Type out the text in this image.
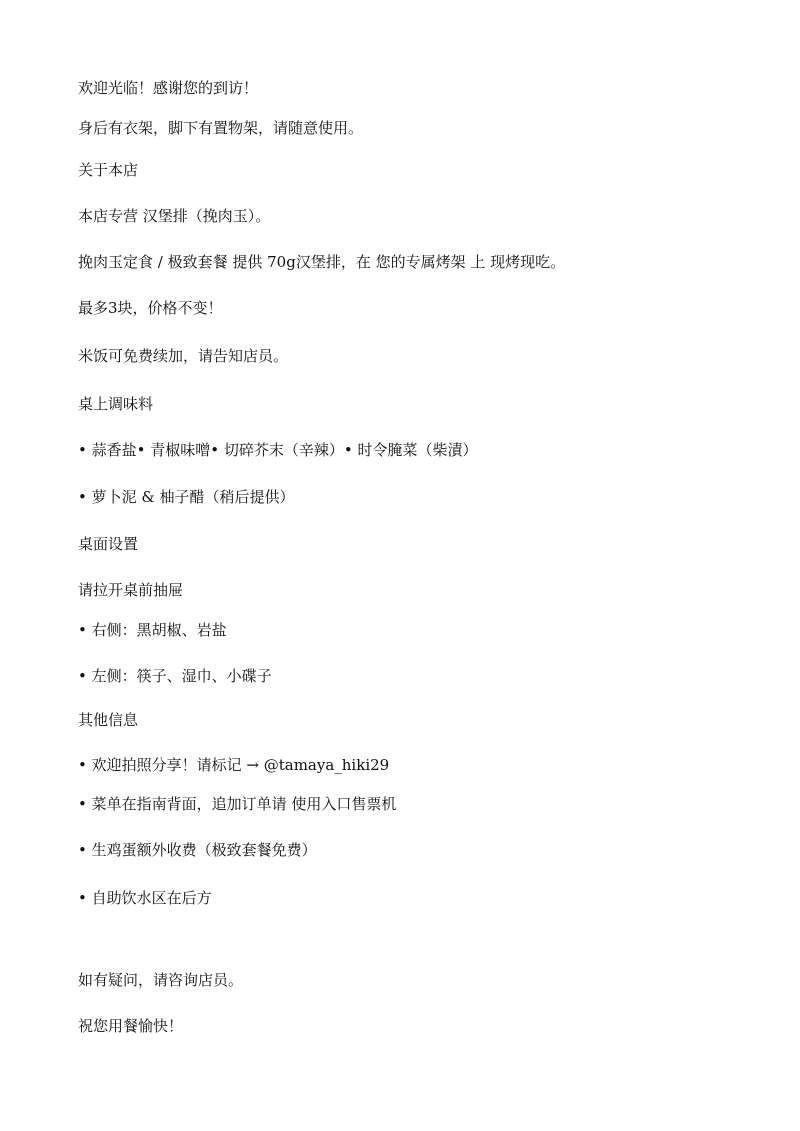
欢迎光临！感谢您的到访！
身后有衣架，脚下有置物架，请随意使用。
关于本店
本店专营 汉堡排（挽肉玉）。
挽肉玉定食 / 极致套餐 提供 70g汉堡排，在 您的专属烤架 上 现烤现吃。
最多3块，价格不变！
米饭可免费续加，请告知店员。
桌上调味料
• 蒜香盐• 青椒味噌• 切碎芥末（辛辣）• 时令腌菜（柴漬）
• 萝卜泥 & 柚子醋（稍后提供）
桌面设置
请拉开桌前抽屉
• 右侧：黑胡椒、岩盐
• 左侧：筷子、湿巾、小碟子
其他信息
• 欢迎拍照分享！请标记 → @tamaya_hiki29
• 菜单在指南背面，追加订单请 使用入口售票机
• 生鸡蛋额外收费（极致套餐免费）
• 自助饮水区在后方
如有疑问，请咨询店员。
祝您用餐愉快！
